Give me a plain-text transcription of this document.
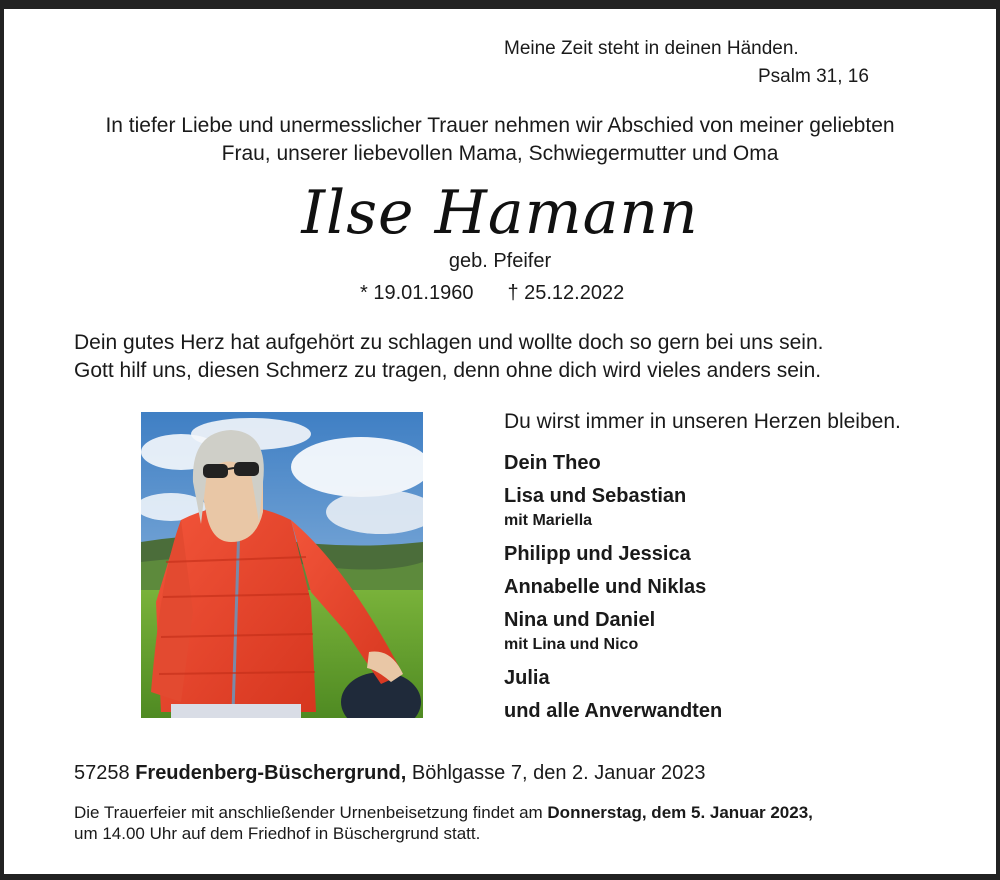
Meine Zeit steht in deinen Händen.
Psalm 31, 16
In tiefer Liebe und unermesslicher Trauer nehmen wir Abschied von meiner geliebten
Frau, unserer liebevollen Mama, Schwiegermutter und Oma
Ilse Hamann
geb. Pfeifer
* 19.01.1960 † 25.12.2022
Dein gutes Herz hat aufgehört zu schlagen und wollte doch so gern bei uns sein.
Gott hilf uns, diesen Schmerz zu tragen, denn ohne dich wird vieles anders sein.
Du wirst immer in unseren Herzen bleiben.
Dein Theo
Lisa und Sebastian
mit Mariella
Philipp und Jessica
Annabelle und Niklas
Nina und Daniel
mit Lina und Nico
Julia
und alle Anverwandten
57258 Freudenberg-Büschergrund, Böhlgasse 7, den 2. Januar 2023
Die Trauerfeier mit anschließender Urnenbeisetzung findet am Donnerstag, dem 5. Januar 2023,
um 14.00 Uhr auf dem Friedhof in Büschergrund statt.
